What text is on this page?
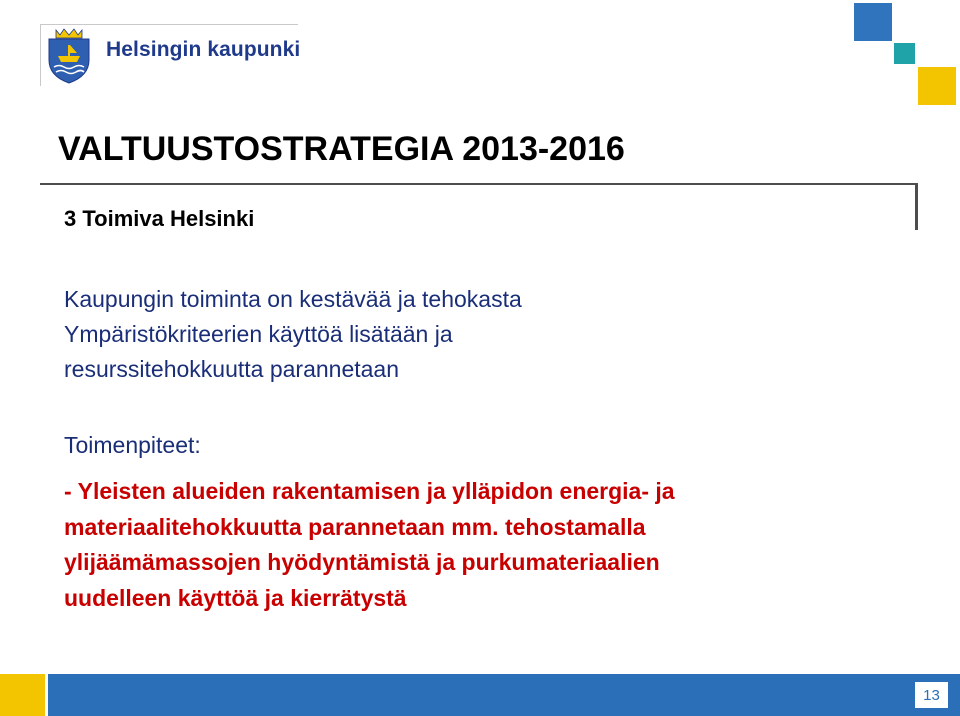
Helsingin kaupunki
VALTUUSTOSTRATEGIA 2013-2016
3 Toimiva Helsinki
Kaupungin toiminta on kestävää ja tehokasta
Ympäristökriteerien käyttöä lisätään ja
resurssitehokkuutta parannetaan
Toimenpiteet:
- Yleisten alueiden rakentamisen ja ylläpidon energia- ja
materiaalitehokkuutta parannetaan mm. tehostamalla
ylijäämämassojen hyödyntämistä ja purkumateriaalien
uudelleen käyttöä ja kierrätystä
13
